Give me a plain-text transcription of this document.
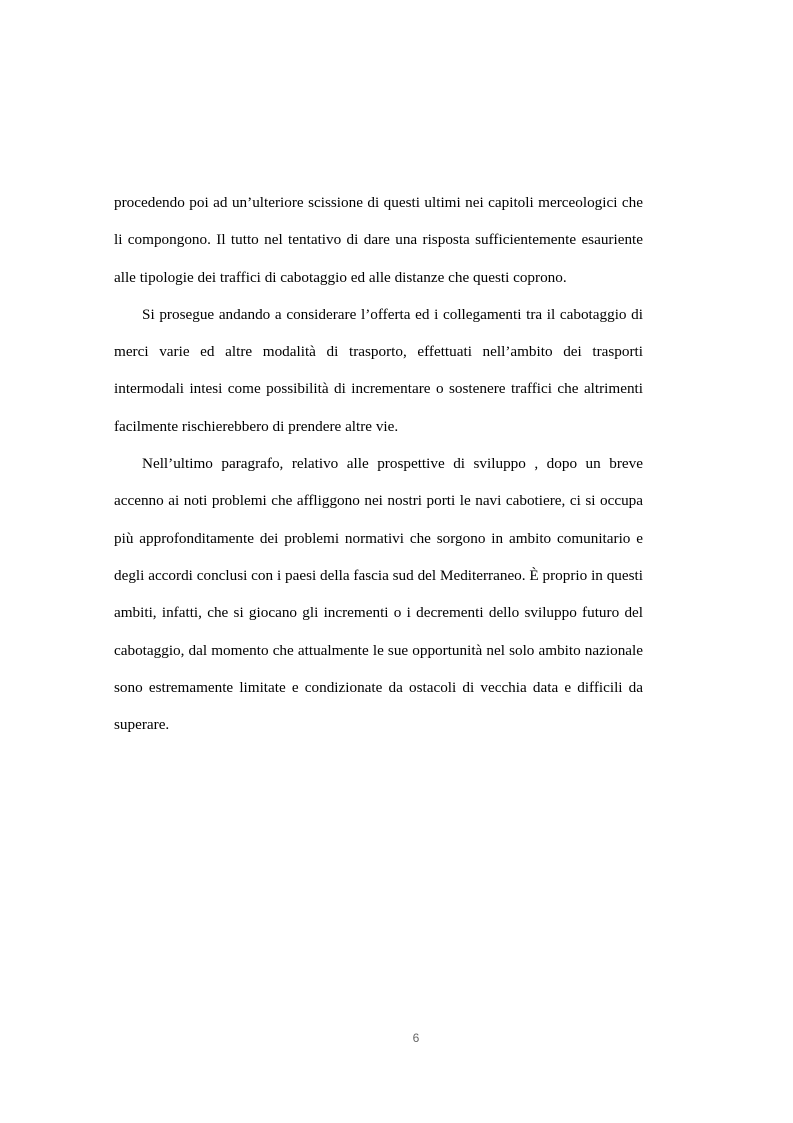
procedendo poi ad un’ulteriore scissione di questi ultimi nei capitoli merceologici che li compongono. Il tutto nel tentativo di dare una risposta sufficientemente esauriente alle tipologie dei traffici di cabotaggio ed alle distanze che questi coprono.

Si prosegue andando a considerare l’offerta ed i collegamenti tra il cabotaggio di merci varie ed altre modalità di trasporto, effettuati nell’ambito dei trasporti intermodali intesi come possibilità di incrementare o sostenere traffici che altrimenti facilmente rischierebbero di prendere altre vie.

Nell’ultimo paragrafo, relativo alle prospettive di sviluppo , dopo un breve accenno ai noti problemi che affliggono nei nostri porti le navi cabotiere, ci si occupa più approfonditamente dei problemi normativi che sorgono in ambito comunitario e degli accordi conclusi con i paesi della fascia sud del Mediterraneo. È proprio in questi ambiti, infatti, che si giocano gli incrementi o i decrementi dello sviluppo futuro del cabotaggio, dal momento che attualmente le sue opportunità nel solo ambito nazionale sono estremamente limitate e condizionate da ostacoli di vecchia data e difficili da superare.

6
